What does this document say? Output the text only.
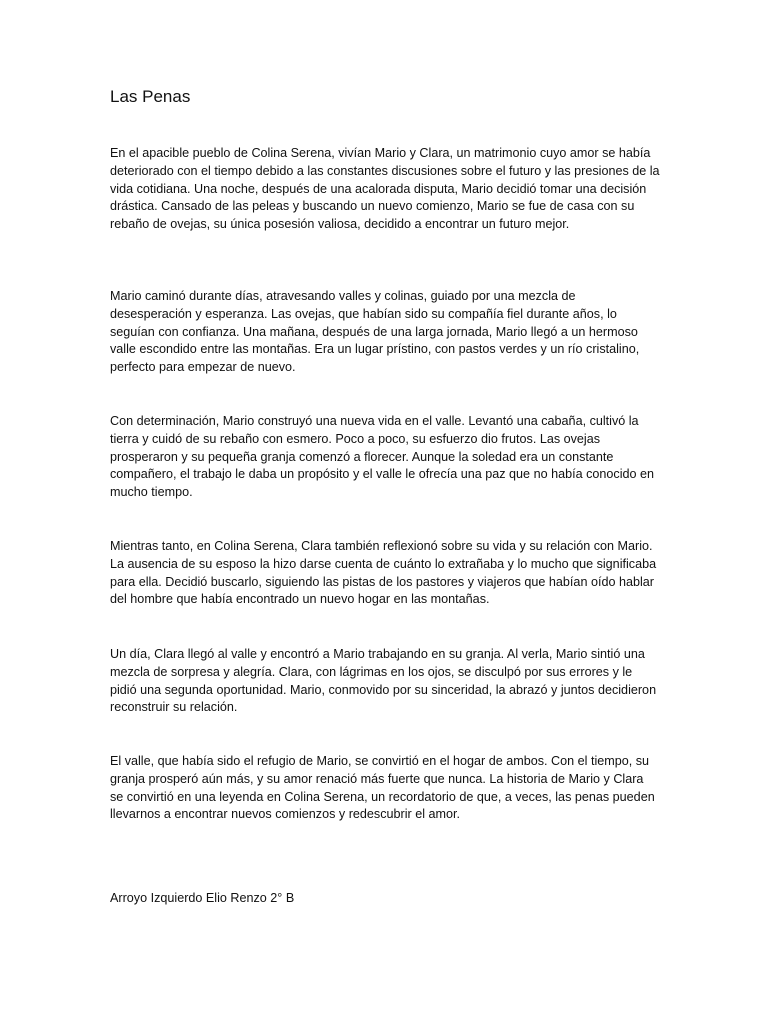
Las Penas

En el apacible pueblo de Colina Serena, vivían Mario y Clara, un matrimonio cuyo amor se había deteriorado con el tiempo debido a las constantes discusiones sobre el futuro y las presiones de la vida cotidiana. Una noche, después de una acalorada disputa, Mario decidió tomar una decisión drástica. Cansado de las peleas y buscando un nuevo comienzo, Mario se fue de casa con su rebaño de ovejas, su única posesión valiosa, decidido a encontrar un futuro mejor.

Mario caminó durante días, atravesando valles y colinas, guiado por una mezcla de desesperación y esperanza. Las ovejas, que habían sido su compañía fiel durante años, lo seguían con confianza. Una mañana, después de una larga jornada, Mario llegó a un hermoso valle escondido entre las montañas. Era un lugar prístino, con pastos verdes y un río cristalino, perfecto para empezar de nuevo.

Con determinación, Mario construyó una nueva vida en el valle. Levantó una cabaña, cultivó la tierra y cuidó de su rebaño con esmero. Poco a poco, su esfuerzo dio frutos. Las ovejas prosperaron y su pequeña granja comenzó a florecer. Aunque la soledad era un constante compañero, el trabajo le daba un propósito y el valle le ofrecía una paz que no había conocido en mucho tiempo.

Mientras tanto, en Colina Serena, Clara también reflexionó sobre su vida y su relación con Mario. La ausencia de su esposo la hizo darse cuenta de cuánto lo extrañaba y lo mucho que significaba para ella. Decidió buscarlo, siguiendo las pistas de los pastores y viajeros que habían oído hablar del hombre que había encontrado un nuevo hogar en las montañas.

Un día, Clara llegó al valle y encontró a Mario trabajando en su granja. Al verla, Mario sintió una mezcla de sorpresa y alegría. Clara, con lágrimas en los ojos, se disculpó por sus errores y le pidió una segunda oportunidad. Mario, conmovido por su sinceridad, la abrazó y juntos decidieron reconstruir su relación.

El valle, que había sido el refugio de Mario, se convirtió en el hogar de ambos. Con el tiempo, su granja prosperó aún más, y su amor renació más fuerte que nunca. La historia de Mario y Clara se convirtió en una leyenda en Colina Serena, un recordatorio de que, a veces, las penas pueden llevarnos a encontrar nuevos comienzos y redescubrir el amor.

Arroyo Izquierdo Elio Renzo 2° B
